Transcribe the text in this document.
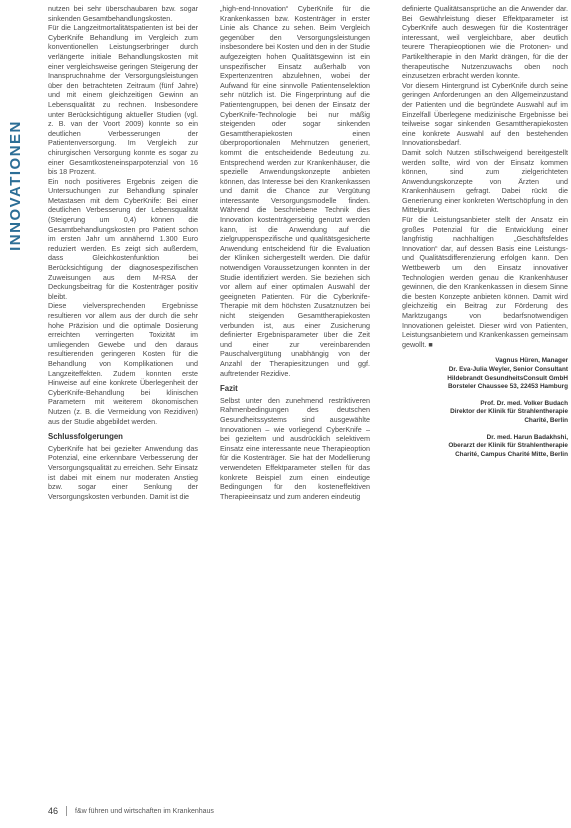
INNOVATIONEN

nutzen bei sehr überschaubaren bzw. sogar sinkenden Gesamtbehandlungskosten.

Für die Langzeitmortalitätspatienten ist bei der CyberKnife Behandlung im Vergleich zum konventionellen Leistungserbringer durch verlängerte initiale Behandlungskosten mit einer vergleichsweise geringen Steigerung der Inanspruchnahme der Versorgungsleistungen über den betrachteten Zeitraum (fünf Jahre) und mit einem gleichzeitigen Gewinn an Lebensqualität zu rechnen. Insbesondere unter Berücksichtigung aktueller Studien (vgl. z. B. van der Voort 2009) konnte so ein deutlichen Verbesserungen der Patientenversorgung. Im Vergleich zur chirurgischen Versorgung konnte es sogar zu einer Gesamtkosteneinsparpotenzial von 16 bis 18 Prozent.

Ein noch positiveres Ergebnis zeigen die Untersuchungen zur Behandlung spinaler Metastasen mit dem CyberKnife: Bei einer deutlichen Verbesserung der Lebensqualität (Steigerung um 0,4) können die Gesamtbehandlungskosten pro Patient schon im ersten Jahr um annähernd 1.300 Euro reduziert werden. Es zeigt sich außerdem, dass Gleichkostenfunktion bei Berücksichtigung der diagnosespezifischen Zuweisungen aus dem M-RSA der Deckungsbeitrag für die Kostenträger positiv bleibt.

Diese vielversprechenden Ergebnisse resultieren vor allem aus der durch die sehr hohe Präzision und die optimale Dosierung erreichten verringerten Toxizität im umliegenden Gewebe und den daraus resultierenden geringeren Kosten für die Behandlung von Komplikationen und Langzeiteffekten. Zudem konnten erste Hinweise auf eine konkrete Überlegenheit der CyberKnife-Behandlung bei klinischen Parametern mit weiterem ökonomischen Nutzen (z. B. die Vermeidung von Rezidiven) aus der Studie abgebildet werden.

Schlussfolgerungen

CyberKnife hat bei gezielter Anwendung das Potenzial, eine erkennbare Verbesserung der Versorgungsqualität zu erreichen. Sehr Einsatz ist dabei mit einem nur moderaten Anstieg bzw. sogar einer Senkung der Versorgungskosten verbunden. Damit ist die

„high-end-Innovation“ CyberKnife für die Krankenkassen bzw. Kostenträger in erster Linie als Chance zu sehen. Beim Vergleich gegenüber den Versorgungsleistungen insbesondere bei Kosten und den in der Studie aufgezeigten hohen Qualitätsgewinn ist ein unspezifischer Einsatz außerhalb von Expertenzentren abzulehnen, wobei der Aufwand für eine sinnvolle Patientenselektion sehr nützlich ist. Die Fingerprintung auf die Patientengruppen, bei denen der Einsatz der CyberKnife-Technologie bei nur mäßig steigenden oder sogar sinkenden Gesamttherapiekosten einen überproportionalen Mehrnutzen generiert, kommt die entscheidende Bedeutung zu. Entsprechend werden zur Krankenhäuser, die spezielle Anwendungskonzepte anbieten können, das Interesse bei den Krankenkassen und damit die Chance zur Vergütung interessante Versorgungsmodelle finden. Während die beschriebene Technik dies Innovation kostenträgerseitig genutzt werden kann, ist die Anwendung auf die zielgruppenspezifische und qualitätsgesicherte Anwendung entscheidend für die Evaluation der Kliniken sichergestellt werden. Die dafür notwendigen Voraussetzungen konnten in der Studie identifiziert werden. Sie beziehen sich vor allem auf einer optimalen Auswahl der geeigneten Patienten. Für die Cyberknife-Therapie mit dem höchsten Zusatznutzen bei nicht steigenden Gesamttherapiekosten verbunden ist, aus einer Zusicherung definierter Ergebnisparameter über die Zeit und einer zur vereinbarenden Pauschalvergütung unabhängig von der Anzahl der Therapiesitzungen und ggf. auftretender Rezidive.

Fazit

Selbst unter den zunehmend restriktiveren Rahmenbedingungen des deutschen Gesundheitssystems sind ausgewählte Innovationen – wie vorliegend CyberKnife – bei gezieltem und ausdrücklich selektivem Einsatz eine interessante neue Therapieoption für die Kostenträger. Sie hat der Modellierung verwendeten Effektparameter stellen für das konkrete Beispiel zum einen eindeutige Bedingungen für den kosteneffektiven Therapieeinsatz und zum anderen eindeutig

definierte Qualitätsansprüche an die Anwender dar. Bei Gewährleistung dieser Effektparameter ist CyberKnife auch deswegen für die Kostenträger interessant, weil vergleichbare, aber deutlich teurere Therapieoptionen wie die Protonen- und Partikeltherapie in den Markt drängen, für die der therapeutische Nutzenzuwachs oben noch einzusetzen erbracht werden konnte.

Vor diesem Hintergrund ist CyberKnife durch seine geringen Anforderungen an den Allgemeinzustand der Patienten und die begründete Auswahl auf im Einzelfall Überlegene medizinische Ergebnisse bei teilweise sogar sinkenden Gesamttherapiekosten eine konkrete Auswahl auf den bestehenden Innovationsbedarf.

Damit solch Nutzen stillschweigend bereitgestellt werden sollte, wird von der Einsatz kommen können, sind zum zielgerichteten Anwendungskonzepte von Ärzten und Krankenhäusern gefragt. Dabei rückt die Generierung einer konkreten Wertschöpfung in den Mittelpunkt.

Für die Leistungsanbieter stellt der Ansatz ein großes Potenzial für die Entwicklung einer langfristig nachhaltigen „Geschäftsfeldes Innovation“ dar, auf dessen Basis eine Leistungs- und Qualitätsdifferenzierung erfolgen kann. Den Wettbewerb um den Einsatz innovativer Technologien werden genau die Krankenhäuser gewinnen, die den Krankenkassen in diesem Sinne die besten Konzepte anbieten können. Damit wird gleichzeitig ein Beitrag zur Förderung des Marktzugangs von bedarfsnotwendigen Innovationen geleistet. Dieser wird von Patienten, Leistungsanbietern und Krankenkassen gemeinsam gewollt. ■

Vagnus Hüren, Manager
Dr. Eva-Julia Weyler, Senior Consultant
Hildebrandt GesundheitsConsult GmbH
Borsteler Chaussee 53, 22453 Hamburg
Prof. Dr. med. Volker Budach
Direktor der Klinik für Strahlentherapie
Charité, Berlin
Dr. med. Harun Badakhshi,
Oberarzt der Klinik für Strahlentherapie
Charité, Campus Charité Mitte, Berlin
46 f&w führen und wirtschaften im Krankenhaus
